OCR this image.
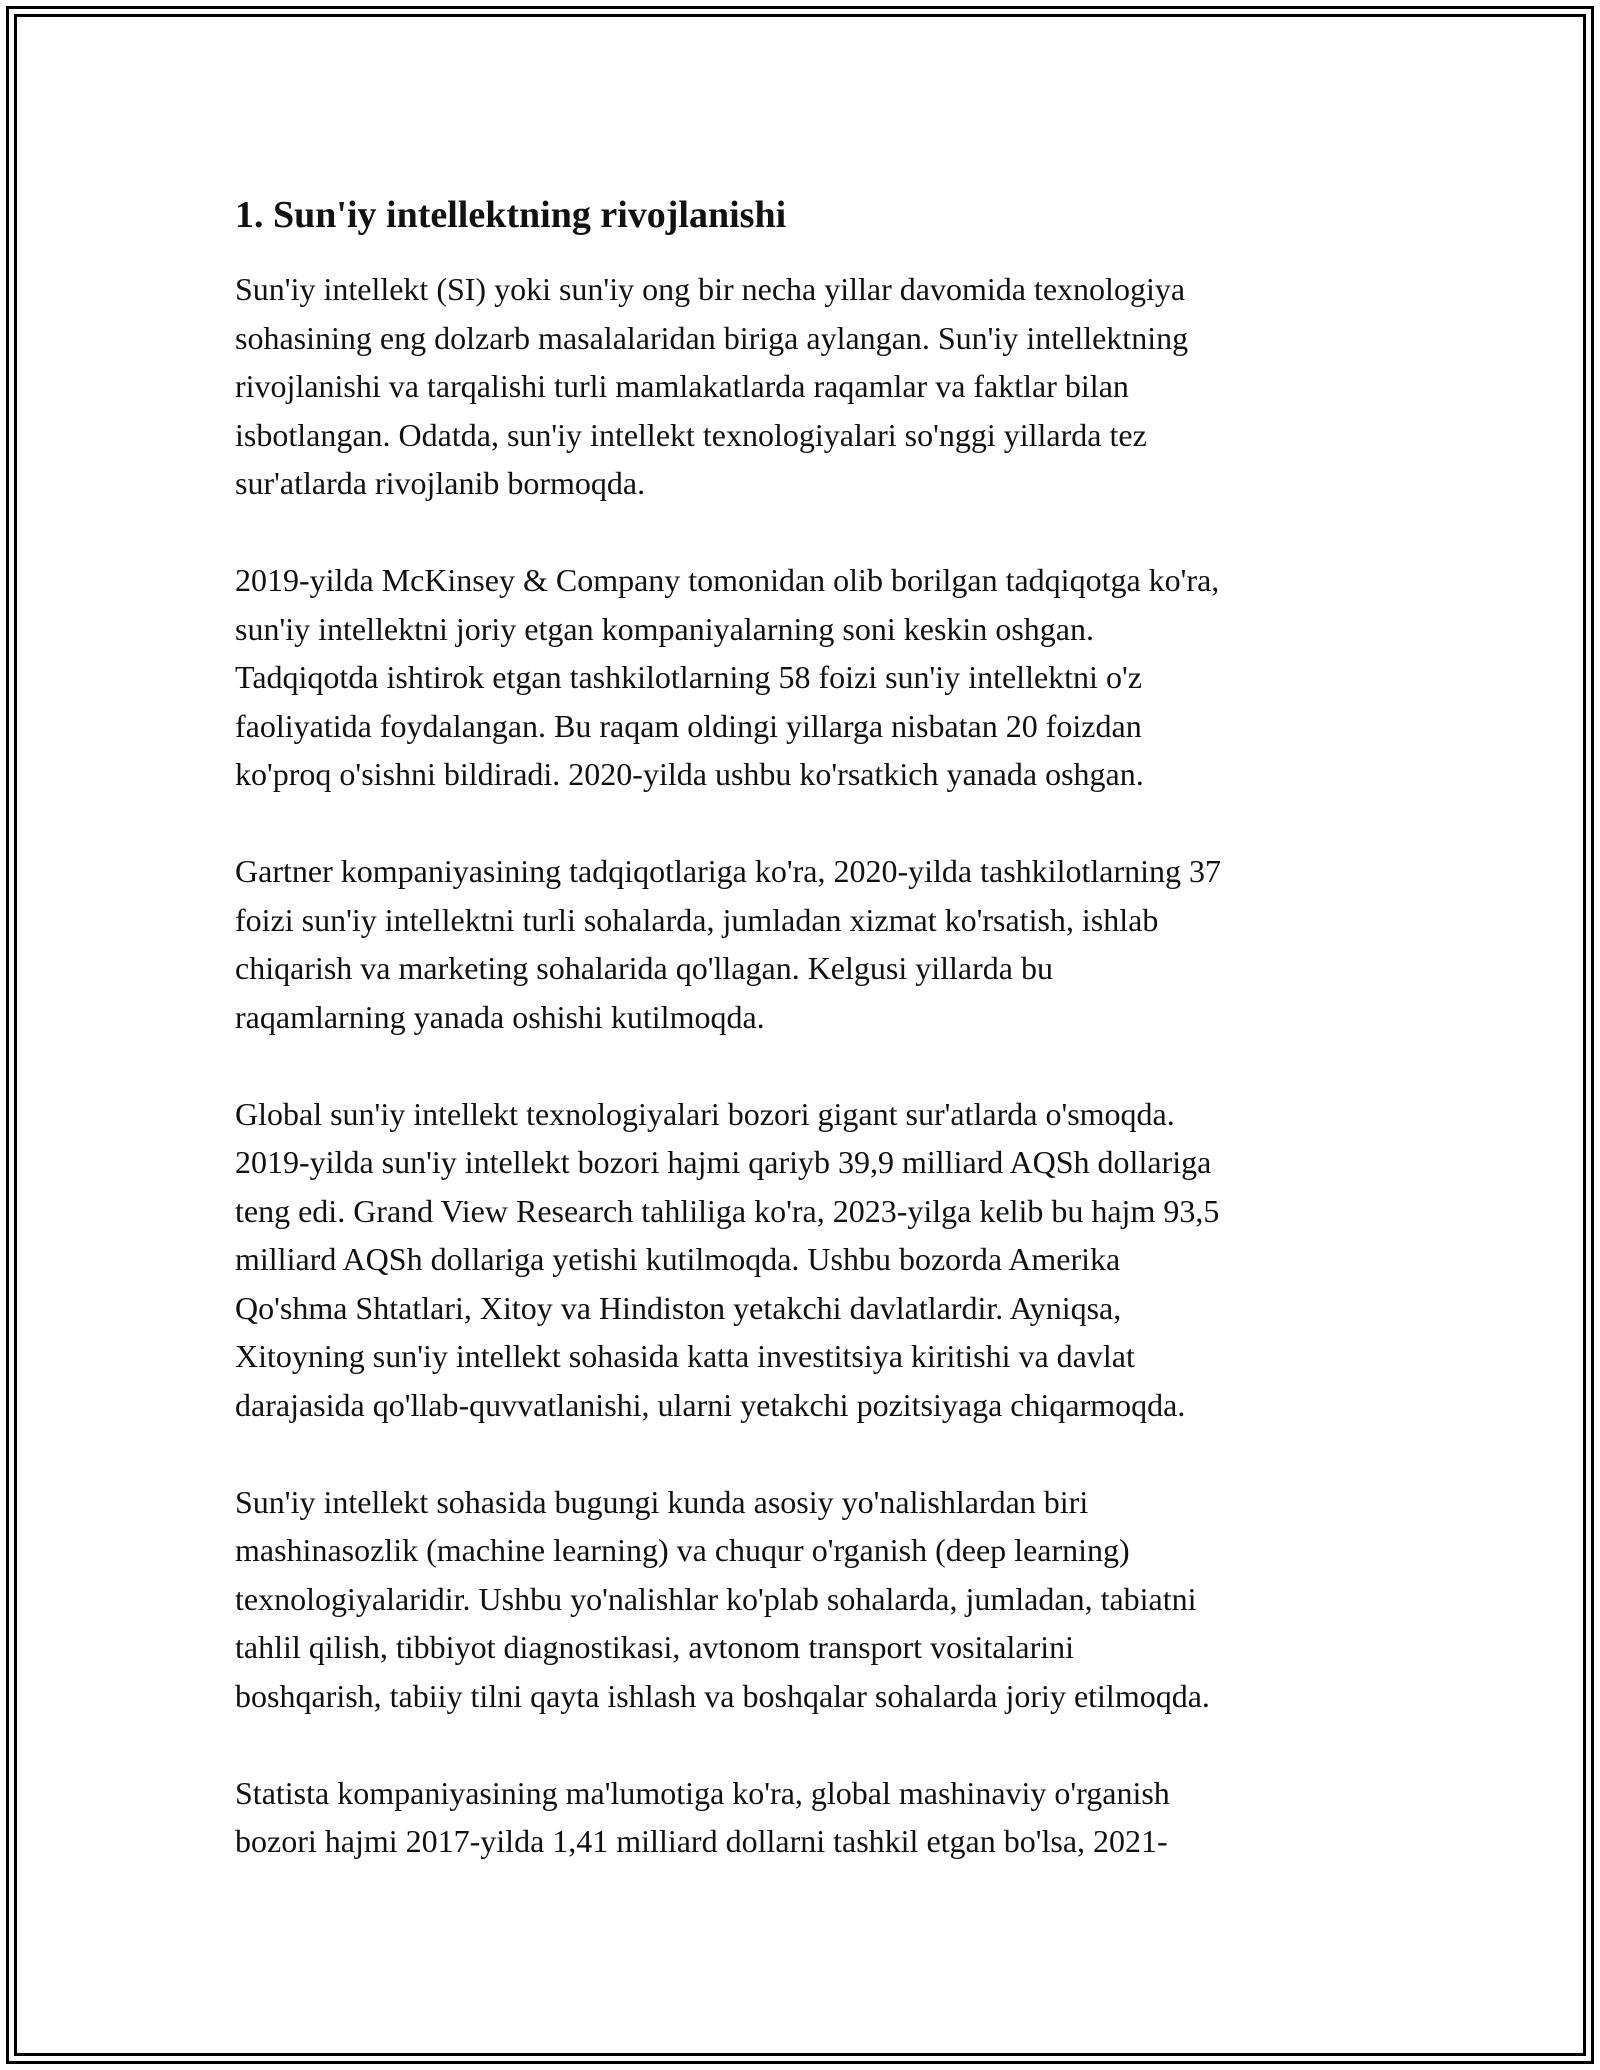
1. Sun'iy intellektning rivojlanishi

Sun'iy intellekt (SI) yoki sun'iy ong bir necha yillar davomida texnologiya
sohasining eng dolzarb masalalaridan biriga aylangan. Sun'iy intellektning
rivojlanishi va tarqalishi turli mamlakatlarda raqamlar va faktlar bilan
isbotlangan. Odatda, sun'iy intellekt texnologiyalari so'nggi yillarda tez
sur'atlarda rivojlanib bormoqda.

2019-yilda McKinsey & Company tomonidan olib borilgan tadqiqotga ko'ra,
sun'iy intellektni joriy etgan kompaniyalarning soni keskin oshgan.
Tadqiqotda ishtirok etgan tashkilotlarning 58 foizi sun'iy intellektni o'z
faoliyatida foydalangan. Bu raqam oldingi yillarga nisbatan 20 foizdan
ko'proq o'sishni bildiradi. 2020-yilda ushbu ko'rsatkich yanada oshgan.

Gartner kompaniyasining tadqiqotlariga ko'ra, 2020-yilda tashkilotlarning 37
foizi sun'iy intellektni turli sohalarda, jumladan xizmat ko'rsatish, ishlab
chiqarish va marketing sohalarida qo'llagan. Kelgusi yillarda bu
raqamlarning yanada oshishi kutilmoqda.

Global sun'iy intellekt texnologiyalari bozori gigant sur'atlarda o'smoqda.
2019-yilda sun'iy intellekt bozori hajmi qariyb 39,9 milliard AQSh dollariga
teng edi. Grand View Research tahliliga ko'ra, 2023-yilga kelib bu hajm 93,5
milliard AQSh dollariga yetishi kutilmoqda. Ushbu bozorda Amerika
Qo'shma Shtatlari, Xitoy va Hindiston yetakchi davlatlardir. Ayniqsa,
Xitoyning sun'iy intellekt sohasida katta investitsiya kiritishi va davlat
darajasida qo'llab-quvvatlanishi, ularni yetakchi pozitsiyaga chiqarmoqda.

Sun'iy intellekt sohasida bugungi kunda asosiy yo'nalishlardan biri
mashinasozlik (machine learning) va chuqur o'rganish (deep learning)
texnologiyalaridir. Ushbu yo'nalishlar ko'plab sohalarda, jumladan, tabiatni
tahlil qilish, tibbiyot diagnostikasi, avtonom transport vositalarini
boshqarish, tabiiy tilni qayta ishlash va boshqalar sohalarda joriy etilmoqda.

Statista kompaniyasining ma'lumotiga ko'ra, global mashinaviy o'rganish
bozori hajmi 2017-yilda 1,41 milliard dollarni tashkil etgan bo'lsa, 2021-
